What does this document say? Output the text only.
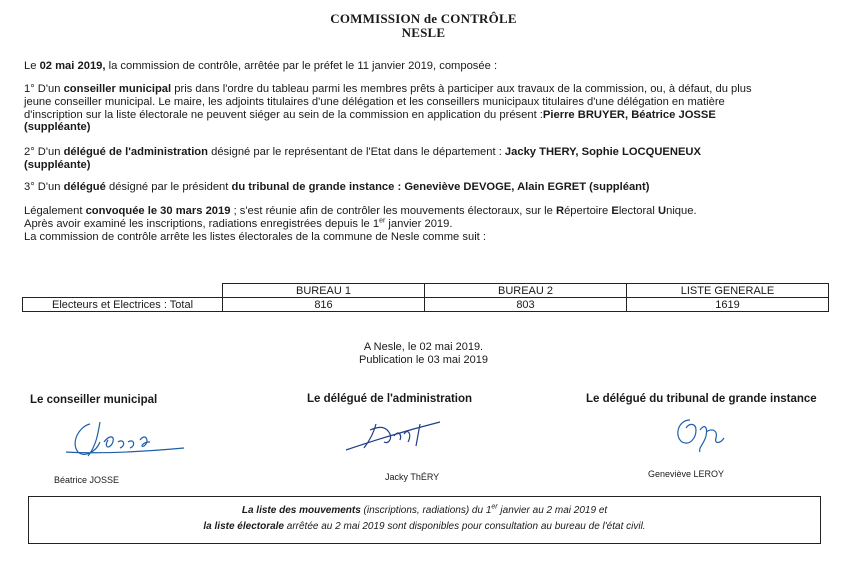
COMMISSION de CONTRÔLE
NESLE
Le 02 mai 2019, la commission de contrôle, arrêtée par le préfet le 11 janvier 2019, composée :
1° D'un conseiller municipal pris dans l'ordre du tableau parmi les membres prêts à participer aux travaux de la commission, ou, à défaut, du plus
jeune conseiller municipal. Le maire, les adjoints titulaires d'une délégation et les conseillers municipaux titulaires d'une délégation en matière
d'inscription sur la liste électorale ne peuvent siéger au sein de la commission en application du présent :Pierre BRUYER, Béatrice JOSSE
(suppléante)
2° D'un délégué de l'administration désigné par le représentant de l'Etat dans le département : Jacky THERY, Sophie LOCQUENEUX
(suppléante)
3° D'un délégué désigné par le président du tribunal de grande instance : Geneviève DEVOGE, Alain EGRET (suppléant)
Légalement convoquée le 30 mars 2019 ; s'est réunie afin de contrôler les mouvements électoraux, sur le Répertoire Electoral Unique.
Après avoir examiné les inscriptions, radiations enregistrées depuis le 1er janvier 2019.
La commission de contrôle arrête les listes électorales de la commune de Nesle comme suit :
	BUREAU 1	BUREAU 2	LISTE GENERALE
Electeurs et Electrices : Total	816	803	1619
A Nesle, le 02 mai 2019.
Publication le 03 mai 2019
Le conseiller municipal	Le délégué de l'administration	Le délégué du tribunal de grande instance
Béatrice JOSSE	Jacky ThÉRY	Geneviève LEROY
La liste des mouvements (inscriptions, radiations) du 1er janvier au 2 mai 2019 et
la liste électorale arrêtée au 2 mai 2019 sont disponibles pour consultation au bureau de l'état civil.
